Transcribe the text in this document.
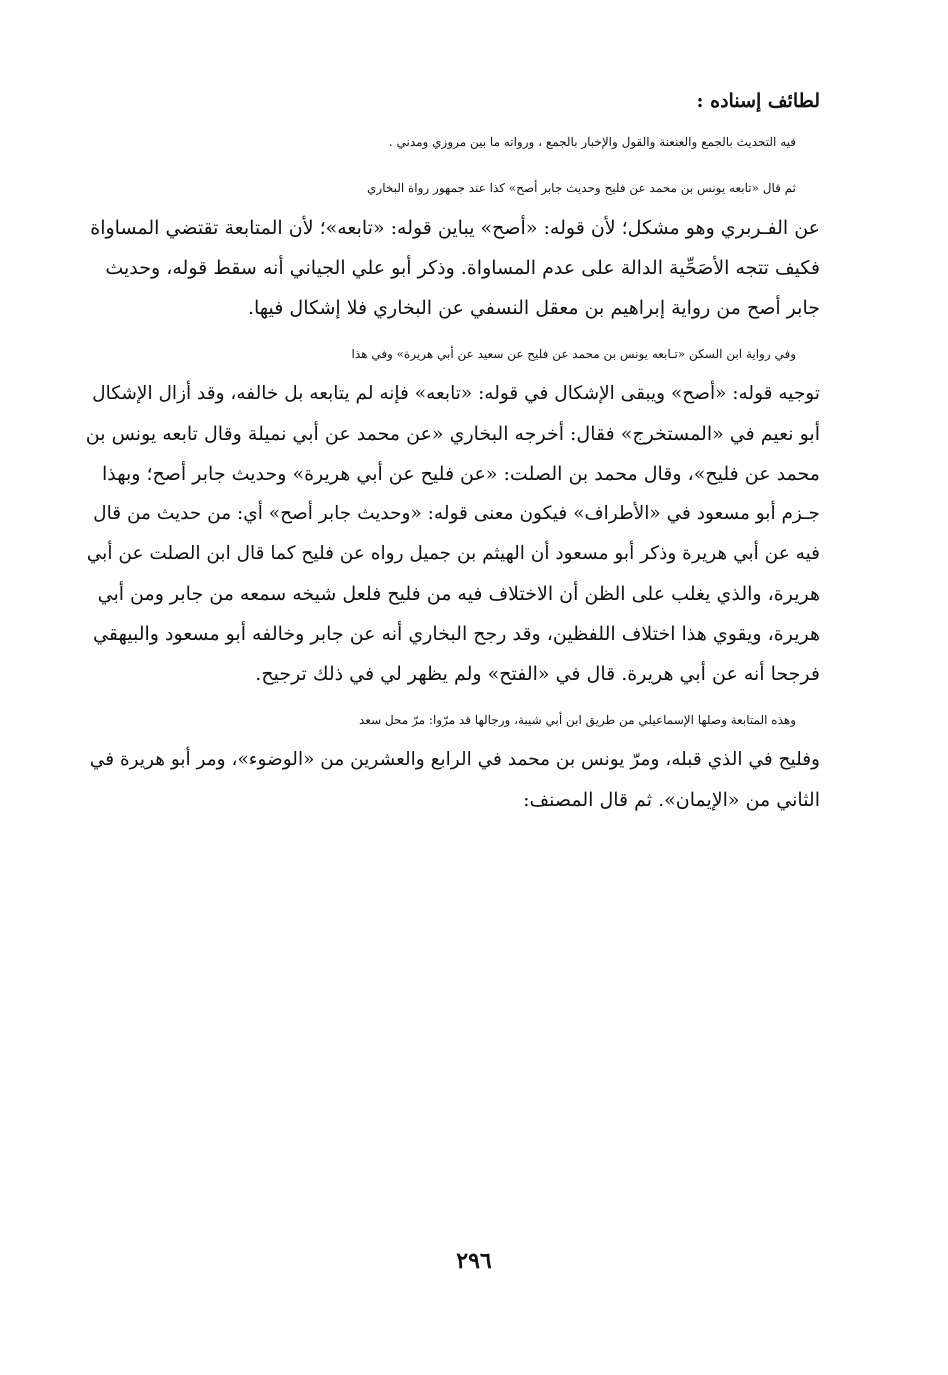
لطائف إسناده :

فيه التحديث بالجمع والعنعنة والقول والإخبار بالجمع ، ورواته ما بين مروزي ومدني .

ثم قال «تابعه يونس بن محمد عن فليح وحديث جابر أصح» كذا عند جمهور رواة البخاري
عن الفـربري وهو مشكل؛ لأن قوله: «أصح» يباين قوله: «تابعه»؛ لأن المتابعة تقتضي المساواة
فكيف تتجه الأصَحِّية الدالة على عدم المساواة. وذكر أبو علي الجياني أنه سقط قوله، وحديث
جابر أصح من رواية إبراهيم بن معقل النسفي عن البخاري فلا إشكال فيها.

وفي رواية ابن السكن «تـابعه يونس بن محمد عن فليح عن سعيد عن أبي هريرة» وفي هذا
توجيه قوله: «أصح» ويبقى الإشكال في قوله: «تابعه» فإنه لم يتابعه بل خالفه، وقد أزال الإشكال
أبو نعيم في «المستخرج» فقال: أخرجه البخاري «عن محمد عن أبي نميلة وقال تابعه يونس بن
محمد عن فليح»، وقال محمد بن الصلت: «عن فليح عن أبي هريرة» وحديث جابر أصح؛ وبهذا
جـزم أبو مسعود في «الأطراف» فيكون معنى قوله: «وحديث جابر أصح» أي: من حديث من قال
فيه عن أبي هريرة وذكر أبو مسعود أن الهيثم بن جميل رواه عن فليح كما قال ابن الصلت عن أبي
هريرة، والذي يغلب على الظن أن الاختلاف فيه من فليح فلعل شيخه سمعه من جابر ومن أبي
هريرة، ويقوي هذا اختلاف اللفظين، وقد رجح البخاري أنه عن جابر وخالفه أبو مسعود والبيهقي
فرجحا أنه عن أبي هريرة. قال في «الفتح» ولم يظهر لي في ذلك ترجيح.

وهذه المتابعة وصلها الإسماعيلي من طريق ابن أبي شيبة، ورجالها قد مرّوا: مرّ محل سعد
وفليح في الذي قبله، ومرّ يونس بن محمد في الرابع والعشرين من «الوضوء»، ومر أبو هريرة في
الثاني من «الإيمان». ثم قال المصنف:

٢٩٦
